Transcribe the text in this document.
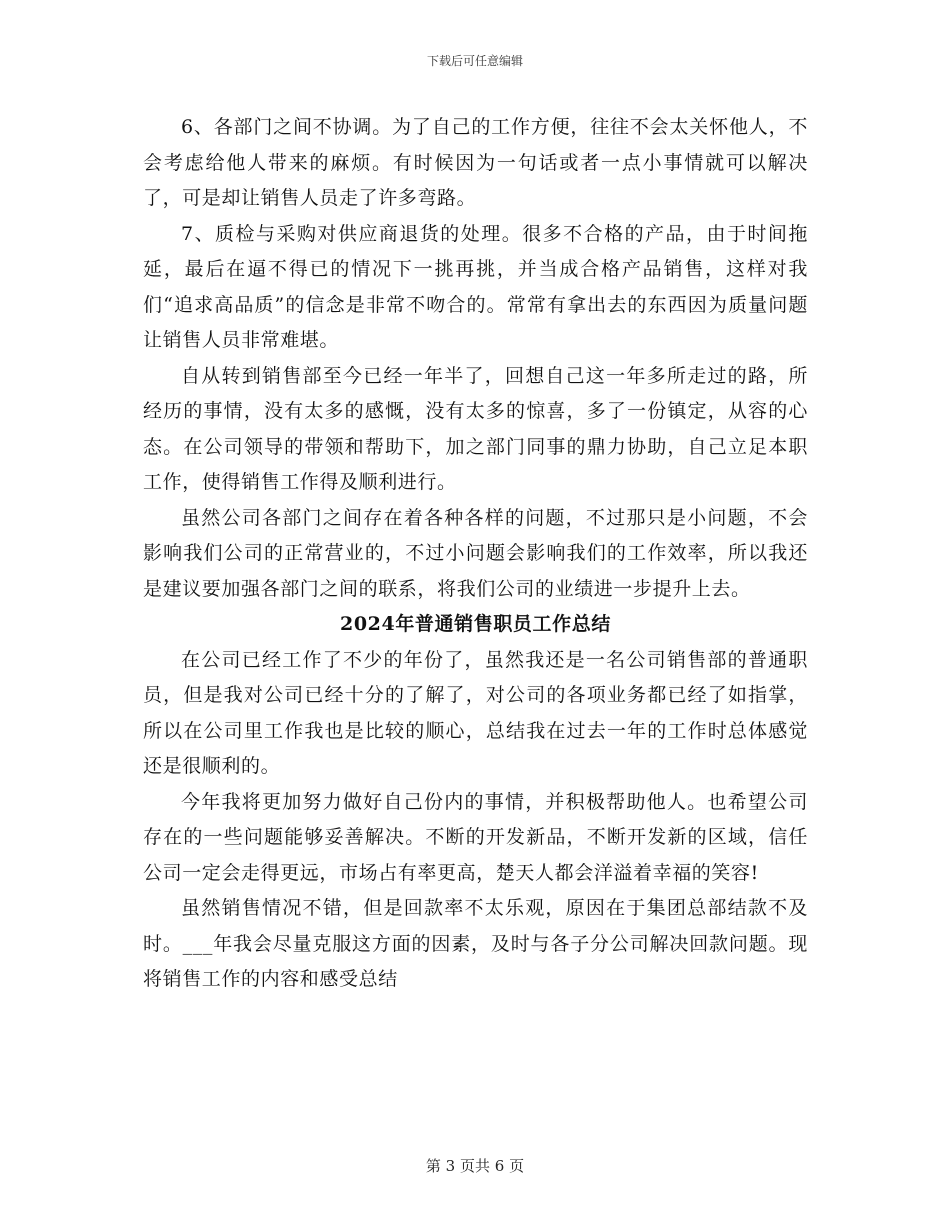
下载后可任意编辑

6、各部门之间不协调。为了自己的工作方便，往往不会太关怀他人，不会考虑给他人带来的麻烦。有时候因为一句话或者一点小事情就可以解决了，可是却让销售人员走了许多弯路。

7、质检与采购对供应商退货的处理。很多不合格的产品，由于时间拖延，最后在逼不得已的情况下一挑再挑，并当成合格产品销售，这样对我们“追求高品质”的信念是非常不吻合的。常常有拿出去的东西因为质量问题让销售人员非常难堪。

自从转到销售部至今已经一年半了，回想自己这一年多所走过的路，所经历的事情，没有太多的感慨，没有太多的惊喜，多了一份镇定，从容的心态。在公司领导的带领和帮助下，加之部门同事的鼎力协助，自己立足本职工作，使得销售工作得及顺利进行。

虽然公司各部门之间存在着各种各样的问题，不过那只是小问题，不会影响我们公司的正常营业的，不过小问题会影响我们的工作效率，所以我还是建议要加强各部门之间的联系，将我们公司的业绩进一步提升上去。

2024年普通销售职员工作总结

在公司已经工作了不少的年份了，虽然我还是一名公司销售部的普通职员，但是我对公司已经十分的了解了，对公司的各项业务都已经了如指掌，所以在公司里工作我也是比较的顺心，总结我在过去一年的工作时总体感觉还是很顺利的。

今年我将更加努力做好自己份内的事情，并积极帮助他人。也希望公司存在的一些问题能够妥善解决。不断的开发新品，不断开发新的区域，信任公司一定会走得更远，市场占有率更高，楚天人都会洋溢着幸福的笑容!

虽然销售情况不错，但是回款率不太乐观，原因在于集团总部结款不及时。___年我会尽量克服这方面的因素，及时与各子分公司解决回款问题。现将销售工作的内容和感受总结

第 3 页共 6 页
